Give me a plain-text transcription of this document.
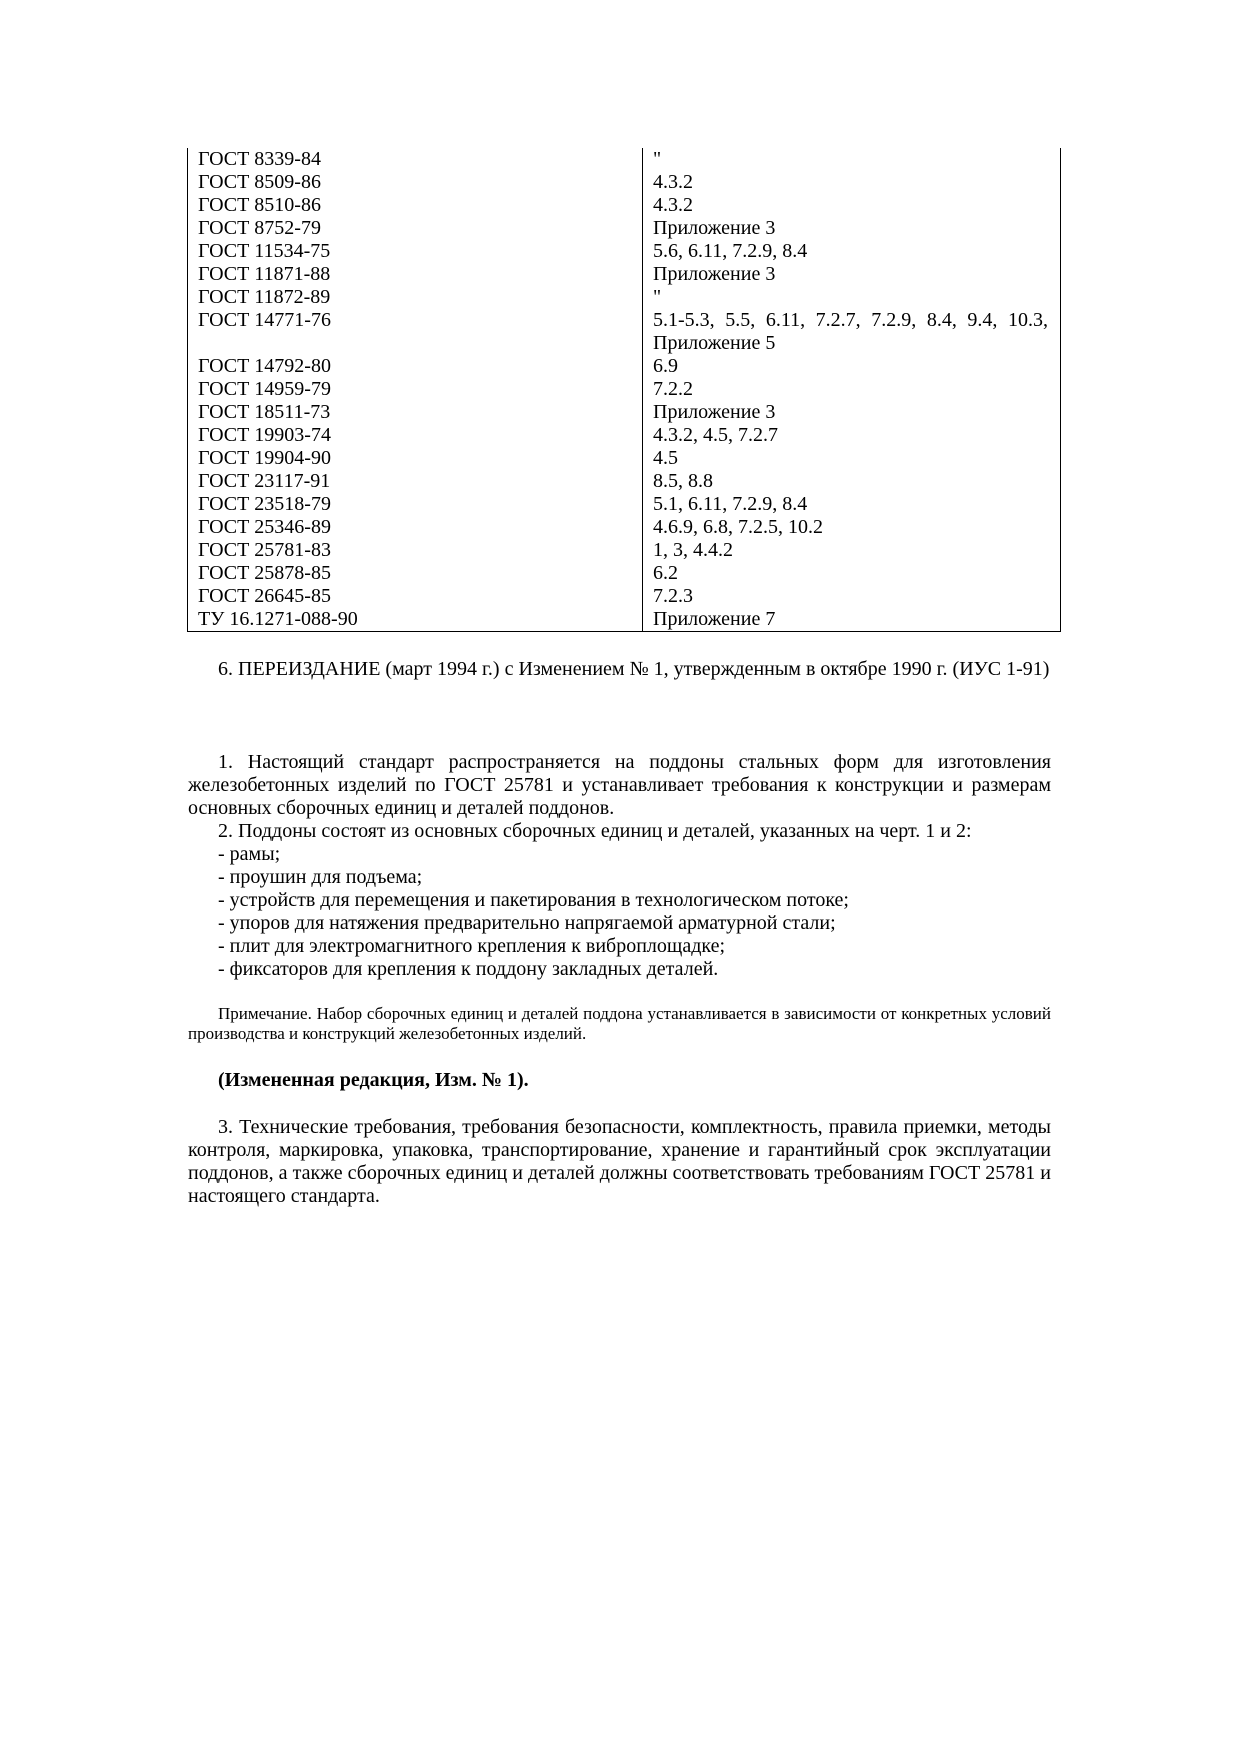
ГОСТ 8339-84	"
ГОСТ 8509-86	4.3.2
ГОСТ 8510-86	4.3.2
ГОСТ 8752-79	Приложение 3
ГОСТ 11534-75	5.6, 6.11, 7.2.9, 8.4
ГОСТ 11871-88	Приложение 3
ГОСТ 11872-89	"
ГОСТ 14771-76	5.1-5.3, 5.5, 6.11, 7.2.7, 7.2.9, 8.4, 9.4, 10.3, Приложение 5
ГОСТ 14792-80	6.9
ГОСТ 14959-79	7.2.2
ГОСТ 18511-73	Приложение 3
ГОСТ 19903-74	4.3.2, 4.5, 7.2.7
ГОСТ 19904-90	4.5
ГОСТ 23117-91	8.5, 8.8
ГОСТ 23518-79	5.1, 6.11, 7.2.9, 8.4
ГОСТ 25346-89	4.6.9, 6.8, 7.2.5, 10.2
ГОСТ 25781-83	1, 3, 4.4.2
ГОСТ 25878-85	6.2
ГОСТ 26645-85	7.2.3
ТУ 16.1271-088-90	Приложение 7

6. ПЕРЕИЗДАНИЕ (март 1994 г.) с Изменением № 1, утвержденным в октябре 1990 г. (ИУС 1-91)

1. Настоящий стандарт распространяется на поддоны стальных форм для изготовления железобетонных изделий по ГОСТ 25781 и устанавливает требования к конструкции и размерам основных сборочных единиц и деталей поддонов.

2. Поддоны состоят из основных сборочных единиц и деталей, указанных на черт. 1 и 2:

- рамы;

- проушин для подъема;

- устройств для перемещения и пакетирования в технологическом потоке;

- упоров для натяжения предварительно напрягаемой арматурной стали;

- плит для электромагнитного крепления к виброплощадке;

- фиксаторов для крепления к поддону закладных деталей.

Примечание. Набор сборочных единиц и деталей поддона устанавливается в зависимости от конкретных условий производства и конструкций железобетонных изделий.

(Измененная редакция, Изм. № 1).

3. Технические требования, требования безопасности, комплектность, правила приемки, методы контроля, маркировка, упаковка, транспортирование, хранение и гарантийный срок эксплуатации поддонов, а также сборочных единиц и деталей должны соответствовать требованиям ГОСТ 25781 и настоящего стандарта.
